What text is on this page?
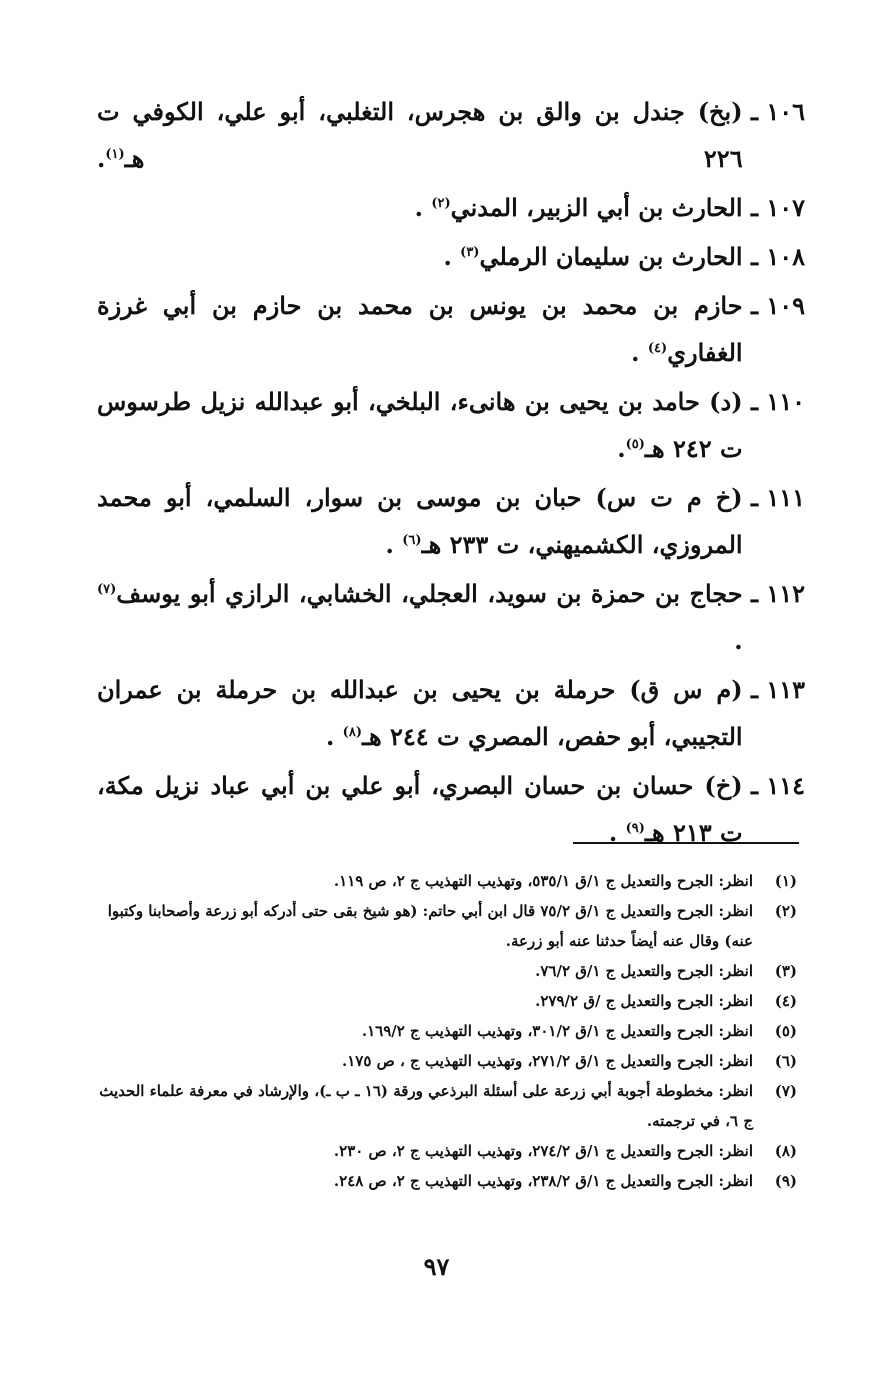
١٠٦ ـ

(بخ) جندل بن والق بن هجرس، التغلبي، أبو علي، الكوفي ت ٢٢٦ هـ$^{(١)}$.
١٠٧ ـ

الحارث بن أبي الزبير، المدني$^{(٢)}$ .
١٠٨ ـ

الحارث بن سليمان الرملي$^{(٣)}$ .
١٠٩ ـ

حازم بن محمد بن يونس بن محمد بن حازم بن أبي غرزة الغفاري$^{(٤)}$ .
١١٠ ـ

(د) حامد بن يحيى بن هانىء، البلخي، أبو عبدالله نزيل طرسوس ت ٢٤٢ هـ$^{(٥)}$.
١١١ ـ

(خ م ت س) حبان بن موسى بن سوار، السلمي، أبو محمد المروزي، الكشميهني، ت ٢٣٣ هـ$^{(٦)}$ .
١١٢ ـ

حجاج بن حمزة بن سويد، العجلي، الخشابي، الرازي أبو يوسف$^{(٧)}$ .
١١٣ ـ

(م س ق) حرملة بن يحيى بن عبدالله بن حرملة بن عمران التجيبي، أبو حفص، المصري ت ٢٤٤ هـ$^{(٨)}$ .
١١٤ ـ

(خ) حسان بن حسان البصري، أبو علي بن أبي عباد نزيل مكة، ت ٢١٣ هـ$^{(٩)}$ .
(١)
انظر: الجرح والتعديل ج ١/ق ٥٣٥/١، وتهذيب التهذيب ج ٢، ص ١١٩.
(٢)
انظر: الجرح والتعديل ج ١/ق ٧٥/٢ قال ابن أبي حاتم: (هو شيخ بقى حتى أدركه أبو زرعة وأصحابنا وكتبوا عنه) وقال عنه أيضاً حدثنا عنه أبو زرعة.
(٣)
انظر: الجرح والتعديل ج ١/ق ٧٦/٢.
(٤)
انظر: الجرح والتعديل ج /ق ٢٧٩/٢.
(٥)
انظر: الجرح والتعديل ج ١/ق ٣٠١/٢، وتهذيب التهذيب ج ١٦٩/٢.
(٦)
انظر: الجرح والتعديل ج ١/ق ٢٧١/٢، وتهذيب التهذيب ج ، ص ١٧٥.
(٧)
انظر: مخطوطة أجوبة أبي زرعة على أسئلة البرذعي ورقة (١٦ ـ ب ـ)، والإرشاد في معرفة علماء الحديث ج ٦، في ترجمته.
(٨)
انظر: الجرح والتعديل ج ١/ق ٢٧٤/٢، وتهذيب التهذيب ج ٢، ص ٢٣٠.
(٩)
انظر: الجرح والتعديل ج ١/ق ٢٣٨/٢، وتهذيب التهذيب ج ٢، ص ٢٤٨.
٩٧
